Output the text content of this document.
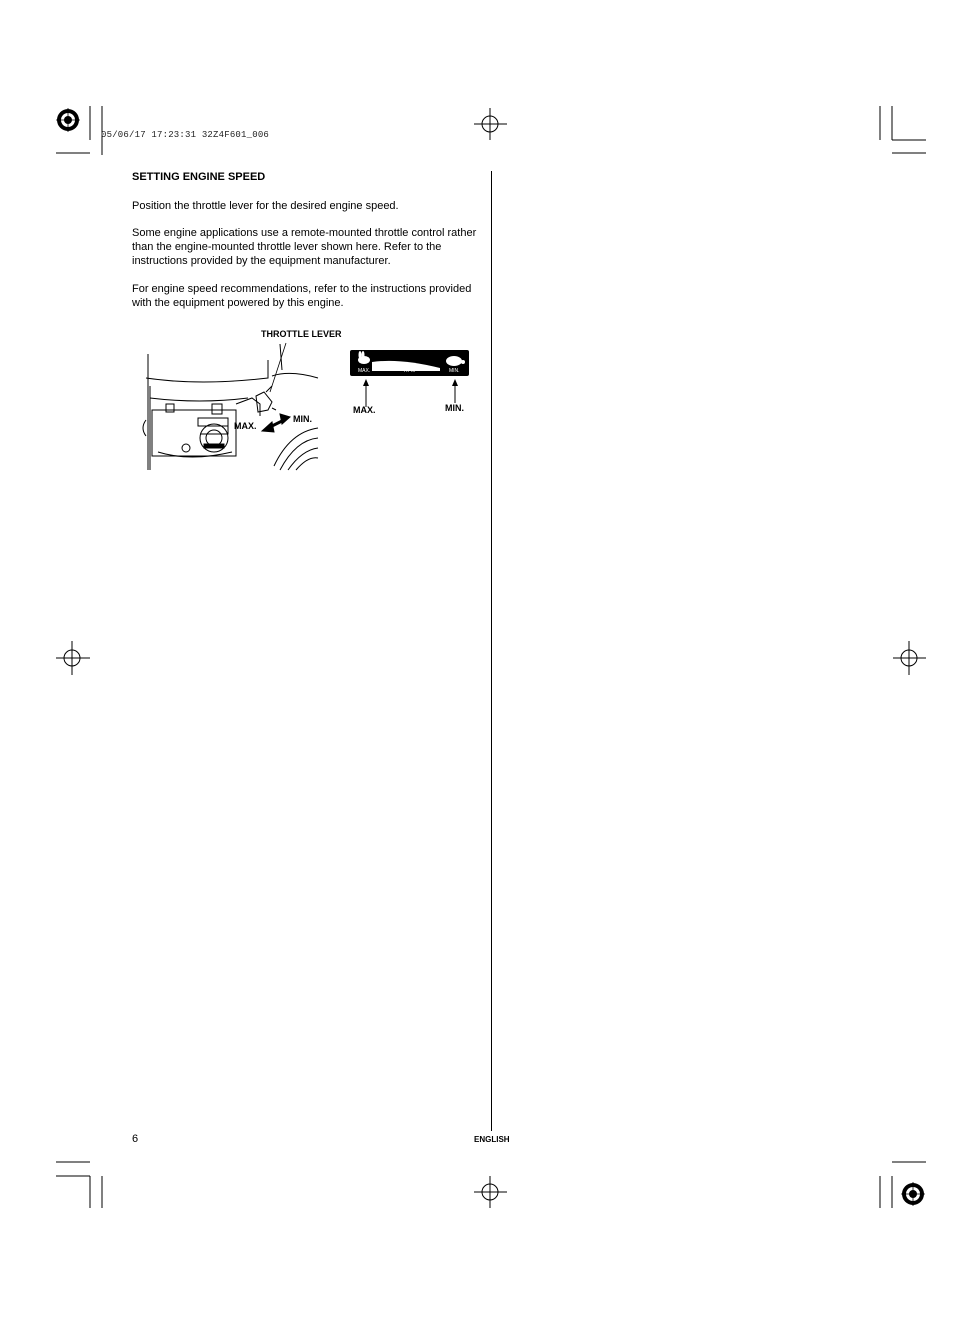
05/06/17 17:23:31 32Z4F601_006
SETTING ENGINE SPEED
Position the throttle lever for the desired engine speed.
Some engine applications use a remote-mounted throttle control rather than the engine-mounted throttle lever shown here. Refer to the instructions provided by the equipment manufacturer.
For engine speed recommendations, refer to the instructions provided with the equipment powered by this engine.
THROTTLE LEVER
MAX.
MIN.
MAX.	RPM	MIN.
MAX.	MIN.
6	ENGLISH
